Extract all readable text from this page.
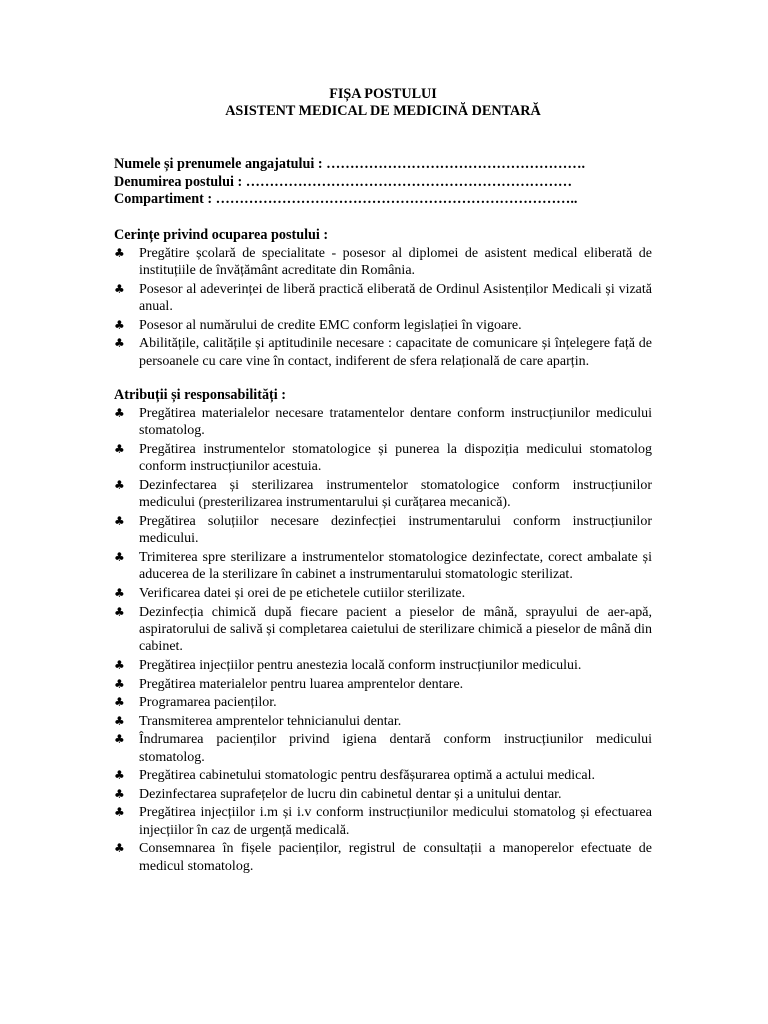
FIȘA POSTULUI

ASISTENT MEDICAL DE MEDICINĂ DENTARĂ

Numele și prenumele angajatului : ……………………………………………….
Denumirea postului : ……………………………………………………………
Compartiment : …………………………………………………………………..

Cerințe privind ocuparea postului :

♣ Pregătire școlară de specialitate - posesor al diplomei de asistent medical eliberată de instituțiile de învățământ acreditate din România.
♣ Posesor al adeverinței de liberă practică eliberată de Ordinul Asistenților Medicali și vizată anual.
♣ Posesor al numărului de credite EMC conform legislației în vigoare.
♣ Abilitățile, calitățile și aptitudinile necesare : capacitate de comunicare și înțelegere față de persoanele cu care vine în contact, indiferent de sfera relațională de care aparțin.

Atribuții și responsabilități :

♣ Pregătirea materialelor necesare tratamentelor dentare conform instrucțiunilor medicului stomatolog.
♣ Pregătirea instrumentelor stomatologice și punerea la dispoziția medicului stomatolog conform instrucțiunilor acestuia.
♣ Dezinfectarea și sterilizarea instrumentelor stomatologice conform instrucțiunilor medicului (presterilizarea instrumentarului și curățarea mecanică).
♣ Pregătirea soluțiilor necesare dezinfecției instrumentarului conform instrucțiunilor medicului.
♣ Trimiterea spre sterilizare a instrumentelor stomatologice dezinfectate, corect ambalate și aducerea de la sterilizare în cabinet a instrumentarului stomatologic sterilizat.
♣ Verificarea datei și orei de pe etichetele cutiilor sterilizate.
♣ Dezinfecția chimică după fiecare pacient a pieselor de mână, sprayului de aer-apă, aspiratorului de salivă și completarea caietului de sterilizare chimică a pieselor de mână din cabinet.
♣ Pregătirea injecțiilor pentru anestezia locală conform instrucțiunilor medicului.
♣ Pregătirea materialelor pentru luarea amprentelor dentare.
♣ Programarea pacienților.
♣ Transmiterea amprentelor tehnicianului dentar.
♣ Îndrumarea pacienților privind igiena dentară conform instrucțiunilor medicului stomatolog.
♣ Pregătirea cabinetului stomatologic pentru desfășurarea optimă a actului medical.
♣ Dezinfectarea suprafețelor de lucru din cabinetul dentar și a unitului dentar.
♣ Pregătirea injecțiilor i.m și i.v conform instrucțiunilor medicului stomatolog și efectuarea injecțiilor în caz de urgență medicală.
♣ Consemnarea în fișele pacienților, registrul de consultații a manoperelor efectuate de medicul stomatolog.
